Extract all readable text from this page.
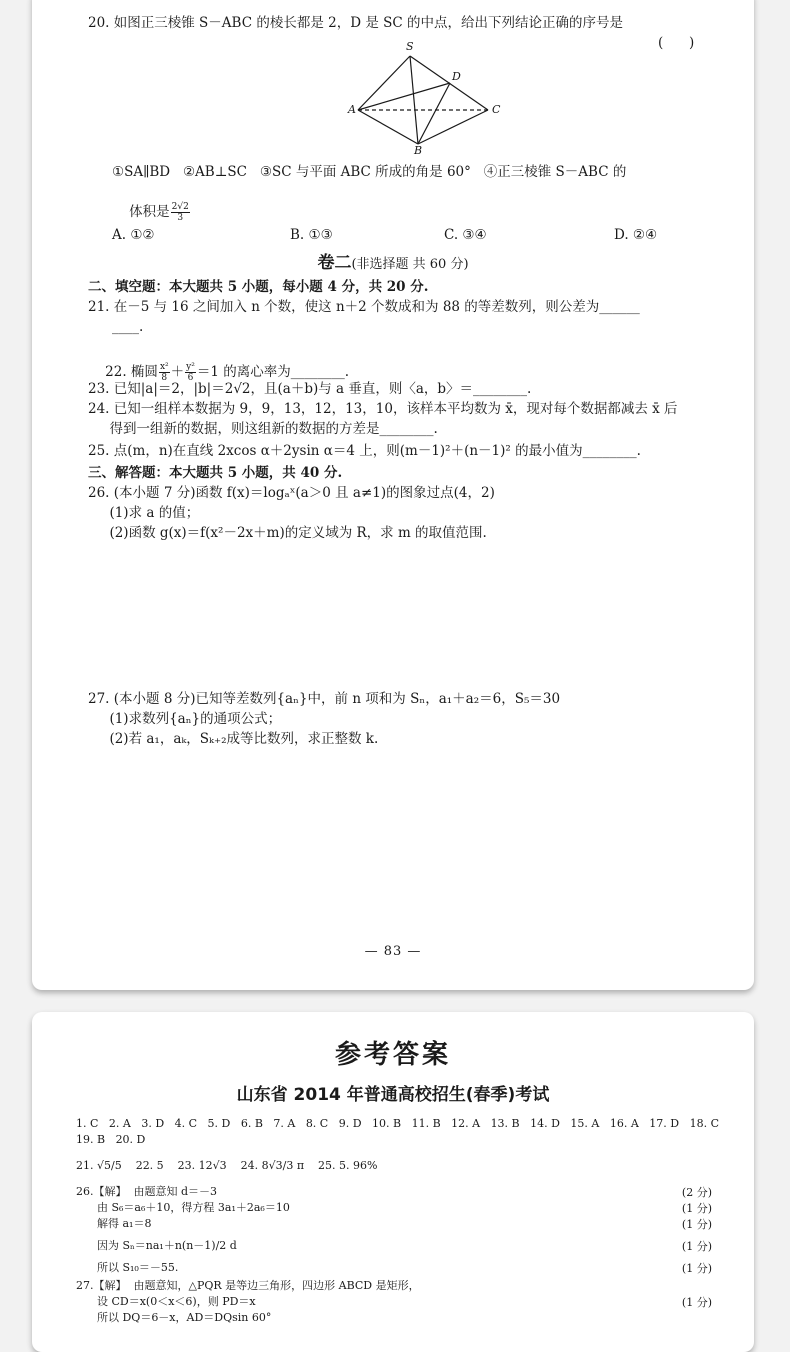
20. 如图正三棱锥 S－ABC 的棱长都是 2，D 是 SC 的中点，给出下列结论正确的序号是
(      )
S
D
A	C
B
①SA∥BD   ②AB⊥SC   ③SC 与平面 ABC 所成的角是 60°   ④正三棱锥 S－ABC 的

体积是 $\frac{2√2}{3}$

A. ①②	B. ①③	C. ③④	D. ②④
卷二(非选择题 共 60 分)
二、填空题：本大题共 5 小题，每小题 4 分，共 20 分.
21. 在－5 与 16 之间加入 n 个数，使这 n＋2 个数成和为 88 的等差数列，则公差为______
____.

22. 椭圆 $\frac{\text{x²}}{8} + \frac{\text{y²}}{6} =1$ 的离心率为________.

23. 已知|a|＝2，|b|＝2√2，且(a＋b)与 a 垂直，则〈a，b〉＝________.
24. 已知一组样本数据为 9，9，13，12，13，10，该样本平均数为 x̄，现对每个数据都减去 x̄ 后
得到一组新的数据，则这组新的数据的方差是________.
25. 点(m，n)在直线 2xcos α＋2ysin α＝4 上，则(m－1)²＋(n－1)² 的最小值为________.
三、解答题：本大题共 5 小题，共 40 分.
26. (本小题 7 分)函数 f(x)＝logₐˣ(a＞0 且 a≠1)的图象过点(4，2)
(1)求 a 的值；
(2)函数 g(x)＝f(x²－2x＋m)的定义域为 R，求 m 的取值范围.
27. (本小题 8 分)已知等差数列{aₙ}中，前 n 项和为 Sₙ，a₁＋a₂＝6，S₅＝30
(1)求数列{aₙ}的通项公式；
(2)若 a₁，aₖ，Sₖ₊₂成等比数列，求正整数 k.
— 83 —
参考答案
山东省 2014 年普通高校招生(春季)考试
1. C   2. A   3. D   4. C   5. D   6. B   7. A   8. C   9. D   10. B   11. B   12. A   13. B   14. D   15. A   16. A   17. D   18. C
19. B   20. D
21. √5/5    22. 5    23. 12√3    24. 8√3/3 π    25. 5. 96%
26.【解】  由题意知 d＝－3	(2 分)
由 S₆＝a₆＋10，得方程 3a₁＋2a₆＝10	(1 分)
解得 a₁＝8	(1 分)
因为 Sₙ＝na₁＋n(n－1)/2 d	(1 分)
所以 S₁₀＝－55.	(1 分)
27.【解】  由题意知，△PQR 是等边三角形，四边形 ABCD 是矩形，
设 CD＝x(0＜x＜6)，则 PD＝x	(1 分)
所以 DQ＝6－x，AD＝DQsin 60°
